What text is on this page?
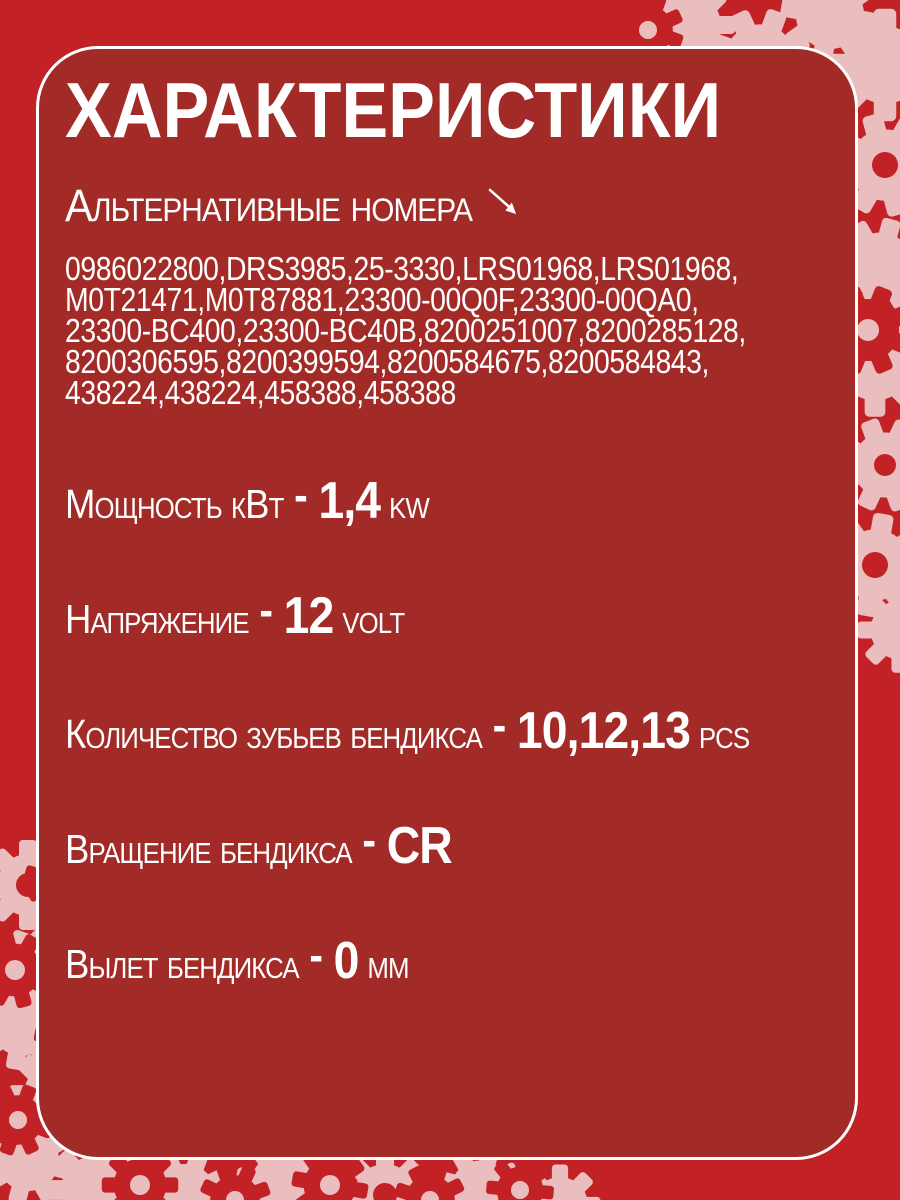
ХАРАКТЕРИСТИКИ
Альтернативные номера
0986022800,DRS3985,25-3330,LRS01968,LRS01968,
M0T21471,M0T87881,23300-00Q0F,23300-00QA0,
23300-BC400,23300-BC40B,8200251007,8200285128,
8200306595,8200399594,8200584675,8200584843,
438224,438224,458388,458388
Мощность кВт - 1,4 kw
Напряжение - 12 volt
Количество зубьев бендикса - 10,12,13 pcs
Вращение бендикса - CR
Вылет бендикса - 0 мм
